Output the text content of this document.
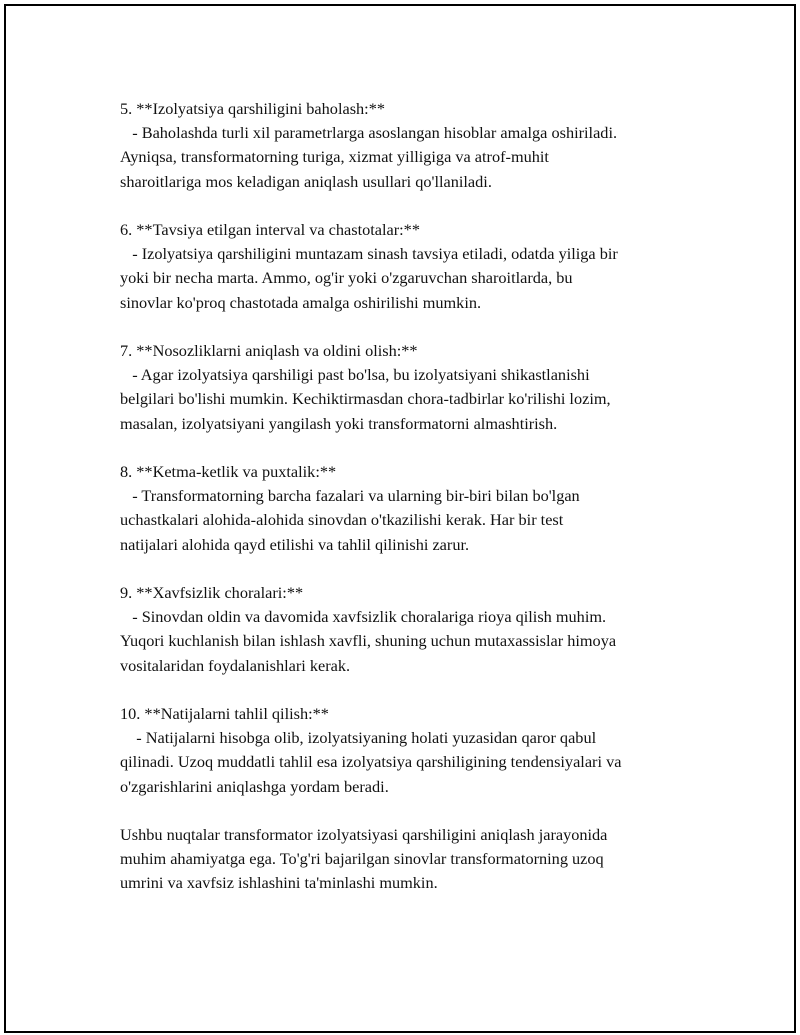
5. **Izolyatsiya qarshiligini baholash:**
- Baholashda turli xil parametrlarga asoslangan hisoblar amalga oshiriladi.
Ayniqsa, transformatorning turiga, xizmat yilligiga va atrof-muhit
sharoitlariga mos keladigan aniqlash usullari qo'llaniladi.
6. **Tavsiya etilgan interval va chastotalar:**
- Izolyatsiya qarshiligini muntazam sinash tavsiya etiladi, odatda yiliga bir
yoki bir necha marta. Ammo, og'ir yoki o'zgaruvchan sharoitlarda, bu
sinovlar ko'proq chastotada amalga oshirilishi mumkin.
7. **Nosozliklarni aniqlash va oldini olish:**
- Agar izolyatsiya qarshiligi past bo'lsa, bu izolyatsiyani shikastlanishi
belgilari bo'lishi mumkin. Kechiktirmasdan chora-tadbirlar ko'rilishi lozim,
masalan, izolyatsiyani yangilash yoki transformatorni almashtirish.
8. **Ketma-ketlik va puxtalik:**
- Transformatorning barcha fazalari va ularning bir-biri bilan bo'lgan
uchastkalari alohida-alohida sinovdan o'tkazilishi kerak. Har bir test
natijalari alohida qayd etilishi va tahlil qilinishi zarur.
9. **Xavfsizlik choralari:**
- Sinovdan oldin va davomida xavfsizlik choralariga rioya qilish muhim.
Yuqori kuchlanish bilan ishlash xavfli, shuning uchun mutaxassislar himoya
vositalaridan foydalanishlari kerak.
10. **Natijalarni tahlil qilish:**
- Natijalarni hisobga olib, izolyatsiyaning holati yuzasidan qaror qabul
qilinadi. Uzoq muddatli tahlil esa izolyatsiya qarshiligining tendensiyalari va
o'zgarishlarini aniqlashga yordam beradi.
Ushbu nuqtalar transformator izolyatsiyasi qarshiligini aniqlash jarayonida
muhim ahamiyatga ega. To'g'ri bajarilgan sinovlar transformatorning uzoq
umrini va xavfsiz ishlashini ta'minlashi mumkin.
